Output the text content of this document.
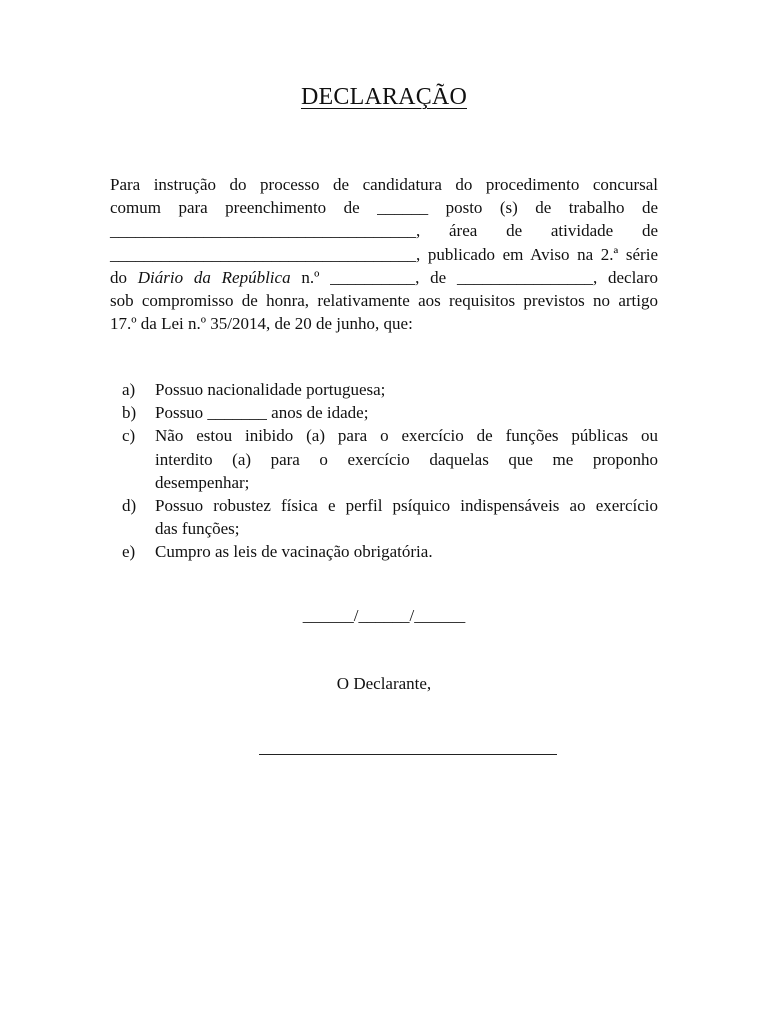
DECLARAÇÃO
Para instrução do processo de candidatura do procedimento concursal
comum para preenchimento de ______ posto (s) de trabalho de
____________________________________, área de atividade de
____________________________________, publicado em Aviso na 2.ª série
do Diário da República n.º __________, de ________________, declaro
sob compromisso de honra, relativamente aos requisitos previstos no artigo
17.º da Lei n.º 35/2014, de 20 de junho, que:
a)	Possuo nacionalidade portuguesa;
b)	Possuo _______ anos de idade;
c)	Não estou inibido (a) para o exercício de funções públicas ou
interdito (a) para o exercício daquelas que me proponho
desempenhar;
d)	Possuo robustez física e perfil psíquico indispensáveis ao exercício
das funções;
e)	Cumpro as leis de vacinação obrigatória.
______/______/______
O Declarante,
